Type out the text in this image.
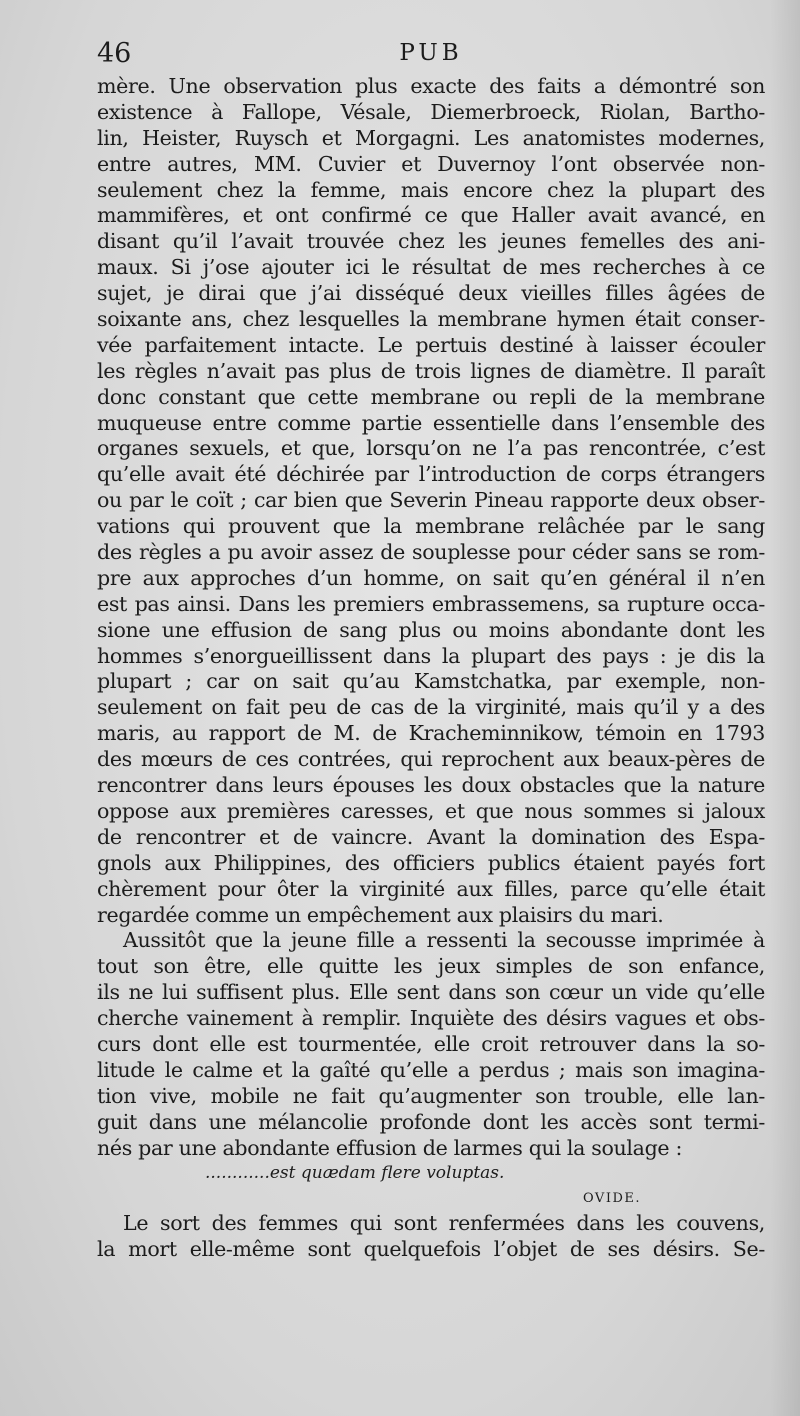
46	PUB
mère. Une observation plus exacte des faits a démontré son
existence à Fallope, Vésale, Diemerbroeck, Riolan, Bartho-
lin, Heister, Ruysch et Morgagni. Les anatomistes modernes,
entre autres, MM. Cuvier et Duvernoy l’ont observée non-
seulement chez la femme, mais encore chez la plupart des
mammifères, et ont confirmé ce que Haller avait avancé, en
disant qu’il l’avait trouvée chez les jeunes femelles des ani-
maux. Si j’ose ajouter ici le résultat de mes recherches à ce
sujet, je dirai que j’ai disséqué deux vieilles filles âgées de
soixante ans, chez lesquelles la membrane hymen était conser-
vée parfaitement intacte. Le pertuis destiné à laisser écouler
les règles n’avait pas plus de trois lignes de diamètre. Il paraît
donc constant que cette membrane ou repli de la membrane
muqueuse entre comme partie essentielle dans l’ensemble des
organes sexuels, et que, lorsqu’on ne l’a pas rencontrée, c’est
qu’elle avait été déchirée par l’introduction de corps étrangers
ou par le coït ; car bien que Severin Pineau rapporte deux obser-
vations qui prouvent que la membrane relâchée par le sang
des règles a pu avoir assez de souplesse pour céder sans se rom-
pre aux approches d’un homme, on sait qu’en général il n’en
est pas ainsi. Dans les premiers embrassemens, sa rupture occa-
sione une effusion de sang plus ou moins abondante dont les
hommes s’enorgueillissent dans la plupart des pays : je dis la
plupart ; car on sait qu’au Kamstchatka, par exemple, non-
seulement on fait peu de cas de la virginité, mais qu’il y a des
maris, au rapport de M. de Kracheminnikow, témoin en 1793
des mœurs de ces contrées, qui reprochent aux beaux-pères de
rencontrer dans leurs épouses les doux obstacles que la nature
oppose aux premières caresses, et que nous sommes si jaloux
de rencontrer et de vaincre. Avant la domination des Espa-
gnols aux Philippines, des officiers publics étaient payés fort
chèrement pour ôter la virginité aux filles, parce qu’elle était
regardée comme un empêchement aux plaisirs du mari.
Aussitôt que la jeune fille a ressenti la secousse imprimée à
tout son être, elle quitte les jeux simples de son enfance,
ils ne lui suffisent plus. Elle sent dans son cœur un vide qu’elle
cherche vainement à remplir. Inquiète des désirs vagues et obs-
curs dont elle est tourmentée, elle croit retrouver dans la so-
litude le calme et la gaîté qu’elle a perdus ; mais son imagina-
tion vive, mobile ne fait qu’augmenter son trouble, elle lan-
guit dans une mélancolie profonde dont les accès sont termi-
nés par une abondante effusion de larmes qui la soulage :
............est quædam flere voluptas.
OVIDE.
Le sort des femmes qui sont renfermées dans les couvens,
la mort elle-même sont quelquefois l’objet de ses désirs. Se-
